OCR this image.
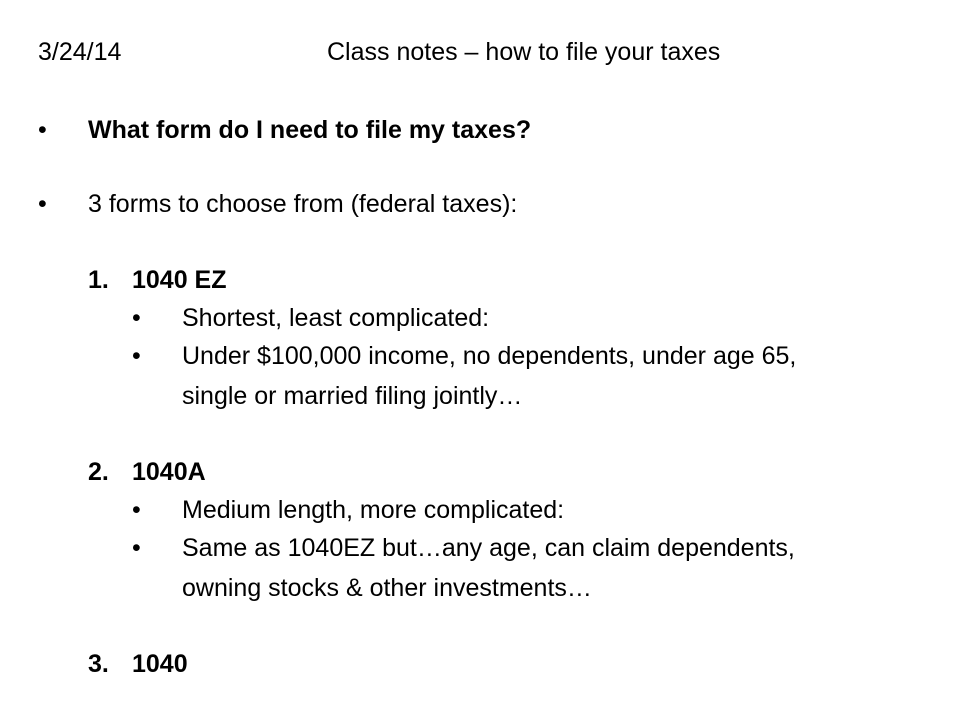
3/24/14	Class notes – how to file your taxes
• What form do I need to file my taxes?
• 3 forms to choose from (federal taxes):
1. 1040 EZ
• Shortest, least complicated:
• Under $100,000 income, no dependents, under age 65,
single or married filing jointly…
2. 1040A
• Medium length, more complicated:
• Same as 1040EZ but…any age, can claim dependents,
owning stocks & other investments…
3. 1040
